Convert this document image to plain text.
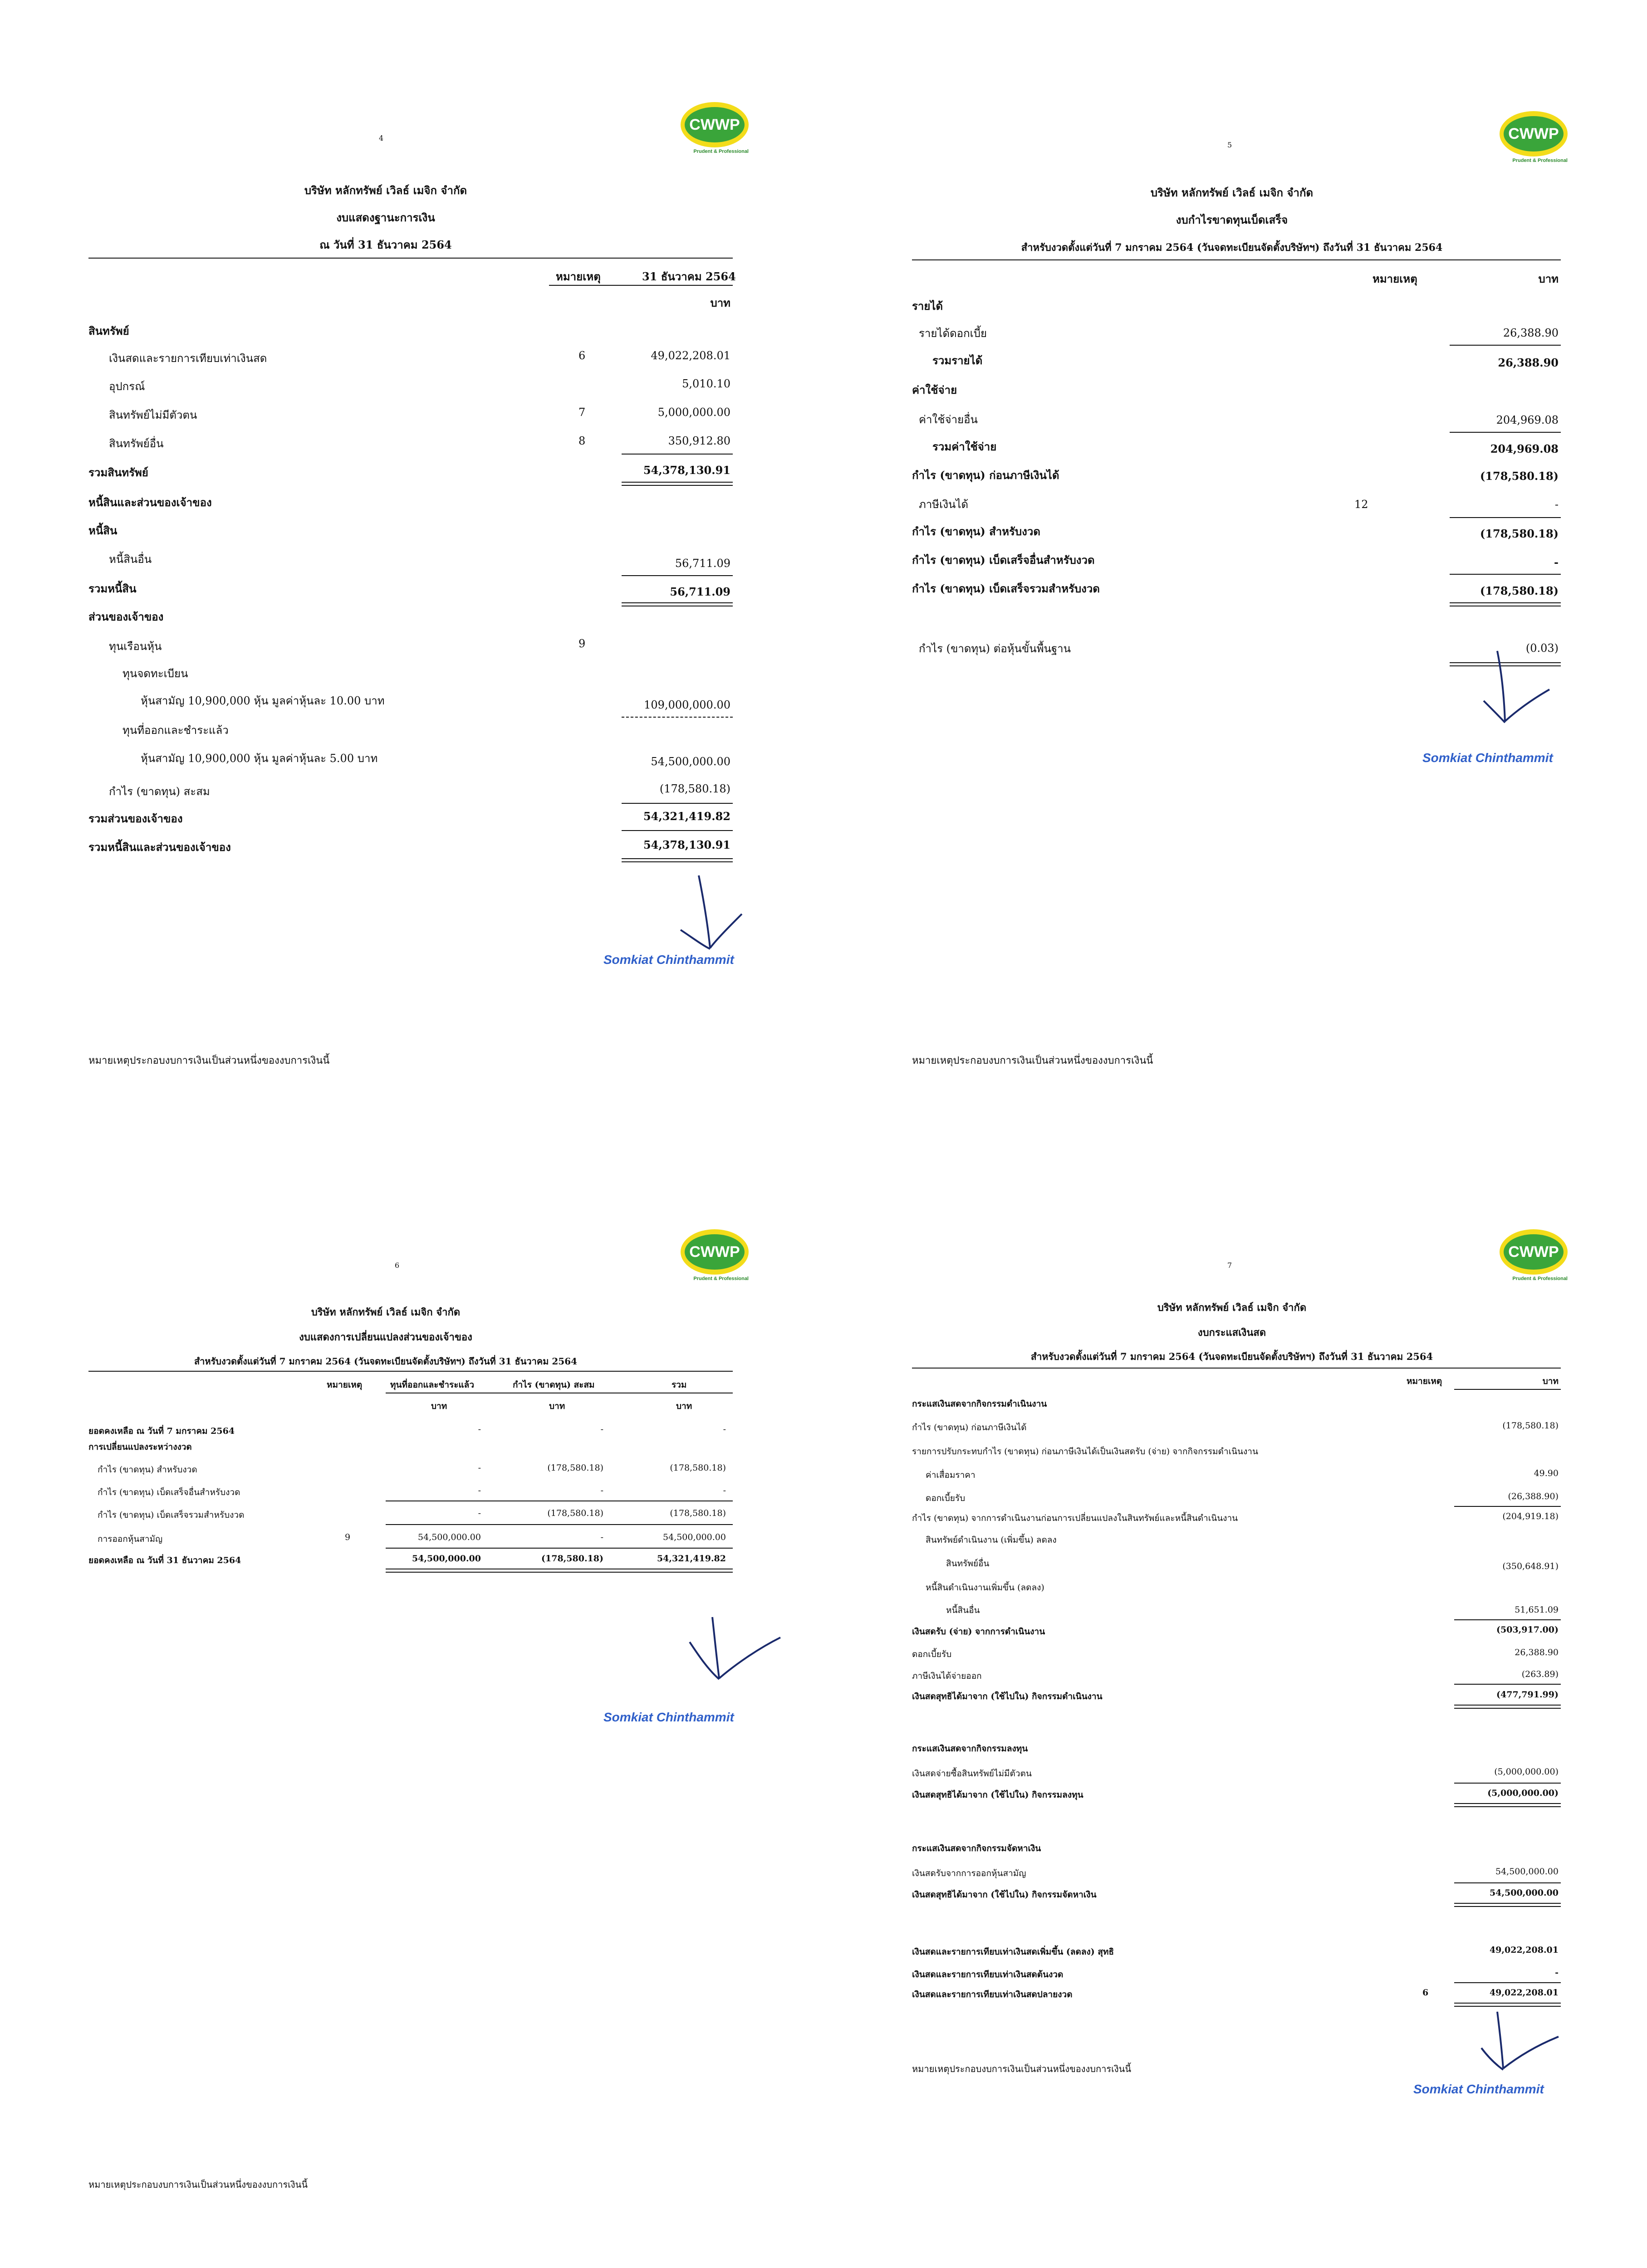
CWWP
Prudent & Professional
4
บริษัท หลักทรัพย์ เวิลธ์ เมจิก จำกัด
งบแสดงฐานะการเงิน
ณ วันที่ 31 ธันวาคม 2564
หมายเหตุ	31 ธันวาคม 2564
บาท
สินทรัพย์
เงินสดและรายการเทียบเท่าเงินสด	6	49,022,208.01
อุปกรณ์	5,010.10
สินทรัพย์ไม่มีตัวตน	7	5,000,000.00
สินทรัพย์อื่น	8	350,912.80
รวมสินทรัพย์	54,378,130.91
หนี้สินและส่วนของเจ้าของ
หนี้สิน
หนี้สินอื่น	56,711.09
รวมหนี้สิน	56,711.09
ส่วนของเจ้าของ
ทุนเรือนหุ้น	9
ทุนจดทะเบียน
หุ้นสามัญ 10,900,000 หุ้น มูลค่าหุ้นละ 10.00 บาท	109,000,000.00
ทุนที่ออกและชำระแล้ว
หุ้นสามัญ 10,900,000 หุ้น มูลค่าหุ้นละ 5.00 บาท	54,500,000.00
กำไร (ขาดทุน) สะสม	(178,580.18)
รวมส่วนของเจ้าของ	54,321,419.82
รวมหนี้สินและส่วนของเจ้าของ	54,378,130.91
Somkiat Chinthammit
หมายเหตุประกอบงบการเงินเป็นส่วนหนึ่งของงบการเงินนี้
CWWP
Prudent & Professional
5
บริษัท หลักทรัพย์ เวิลธ์ เมจิก จำกัด
งบกำไรขาดทุนเบ็ดเสร็จ
สำหรับงวดตั้งแต่วันที่ 7 มกราคม 2564 (วันจดทะเบียนจัดตั้งบริษัทฯ) ถึงวันที่ 31 ธันวาคม 2564
หมายเหตุ	บาท
รายได้
รายได้ดอกเบี้ย	26,388.90
รวมรายได้	26,388.90
ค่าใช้จ่าย
ค่าใช้จ่ายอื่น	204,969.08
รวมค่าใช้จ่าย	204,969.08
กำไร (ขาดทุน) ก่อนภาษีเงินได้	(178,580.18)
ภาษีเงินได้	12	-
กำไร (ขาดทุน) สำหรับงวด	(178,580.18)
กำไร (ขาดทุน) เบ็ดเสร็จอื่นสำหรับงวด	-
กำไร (ขาดทุน) เบ็ดเสร็จรวมสำหรับงวด	(178,580.18)
กำไร (ขาดทุน) ต่อหุ้นขั้นพื้นฐาน	(0.03)
Somkiat Chinthammit
หมายเหตุประกอบงบการเงินเป็นส่วนหนึ่งของงบการเงินนี้
CWWP
Prudent & Professional
6
บริษัท หลักทรัพย์ เวิลธ์ เมจิก จำกัด
งบแสดงการเปลี่ยนแปลงส่วนของเจ้าของ
สำหรับงวดตั้งแต่วันที่ 7 มกราคม 2564 (วันจดทะเบียนจัดตั้งบริษัทฯ) ถึงวันที่ 31 ธันวาคม 2564
หมายเหตุ	ทุนที่ออกและชำระแล้ว	กำไร (ขาดทุน) สะสม	รวม
บาท	บาท	บาท
ยอดคงเหลือ ณ วันที่ 7 มกราคม 2564	-	-	-
การเปลี่ยนแปลงระหว่างงวด
กำไร (ขาดทุน) สำหรับงวด	-	(178,580.18)	(178,580.18)
กำไร (ขาดทุน) เบ็ดเสร็จอื่นสำหรับงวด	-	-	-
กำไร (ขาดทุน) เบ็ดเสร็จรวมสำหรับงวด	-	(178,580.18)	(178,580.18)
การออกหุ้นสามัญ	9	54,500,000.00	-	54,500,000.00
ยอดคงเหลือ ณ วันที่ 31 ธันวาคม 2564	54,500,000.00	(178,580.18)	54,321,419.82
Somkiat Chinthammit
หมายเหตุประกอบงบการเงินเป็นส่วนหนึ่งของงบการเงินนี้
CWWP
Prudent & Professional
7
บริษัท หลักทรัพย์ เวิลธ์ เมจิก จำกัด
งบกระแสเงินสด
สำหรับงวดตั้งแต่วันที่ 7 มกราคม 2564 (วันจดทะเบียนจัดตั้งบริษัทฯ) ถึงวันที่ 31 ธันวาคม 2564
หมายเหตุ	บาท
กระแสเงินสดจากกิจกรรมดำเนินงาน
กำไร (ขาดทุน) ก่อนภาษีเงินได้	(178,580.18)
รายการปรับกระทบกำไร (ขาดทุน) ก่อนภาษีเงินได้เป็นเงินสดรับ (จ่าย) จากกิจกรรมดำเนินงาน
ค่าเสื่อมราคา	49.90
ดอกเบี้ยรับ	(26,388.90)
กำไร (ขาดทุน) จากการดำเนินงานก่อนการเปลี่ยนแปลงในสินทรัพย์และหนี้สินดำเนินงาน	(204,919.18)
สินทรัพย์ดำเนินงาน (เพิ่มขึ้น) ลดลง
สินทรัพย์อื่น	(350,648.91)
หนี้สินดำเนินงานเพิ่มขึ้น (ลดลง)
หนี้สินอื่น	51,651.09
เงินสดรับ (จ่าย) จากการดำเนินงาน	(503,917.00)
ดอกเบี้ยรับ	26,388.90
ภาษีเงินได้จ่ายออก	(263.89)
เงินสดสุทธิได้มาจาก (ใช้ไปใน) กิจกรรมดำเนินงาน	(477,791.99)
กระแสเงินสดจากกิจกรรมลงทุน
เงินสดจ่ายซื้อสินทรัพย์ไม่มีตัวตน	(5,000,000.00)
เงินสดสุทธิได้มาจาก (ใช้ไปใน) กิจกรรมลงทุน	(5,000,000.00)
กระแสเงินสดจากกิจกรรมจัดหาเงิน
เงินสดรับจากการออกหุ้นสามัญ	54,500,000.00
เงินสดสุทธิได้มาจาก (ใช้ไปใน) กิจกรรมจัดหาเงิน	54,500,000.00
เงินสดและรายการเทียบเท่าเงินสดเพิ่มขึ้น (ลดลง) สุทธิ	49,022,208.01
เงินสดและรายการเทียบเท่าเงินสดต้นงวด	-
เงินสดและรายการเทียบเท่าเงินสดปลายงวด	6	49,022,208.01
Somkiat Chinthammit
หมายเหตุประกอบงบการเงินเป็นส่วนหนึ่งของงบการเงินนี้
